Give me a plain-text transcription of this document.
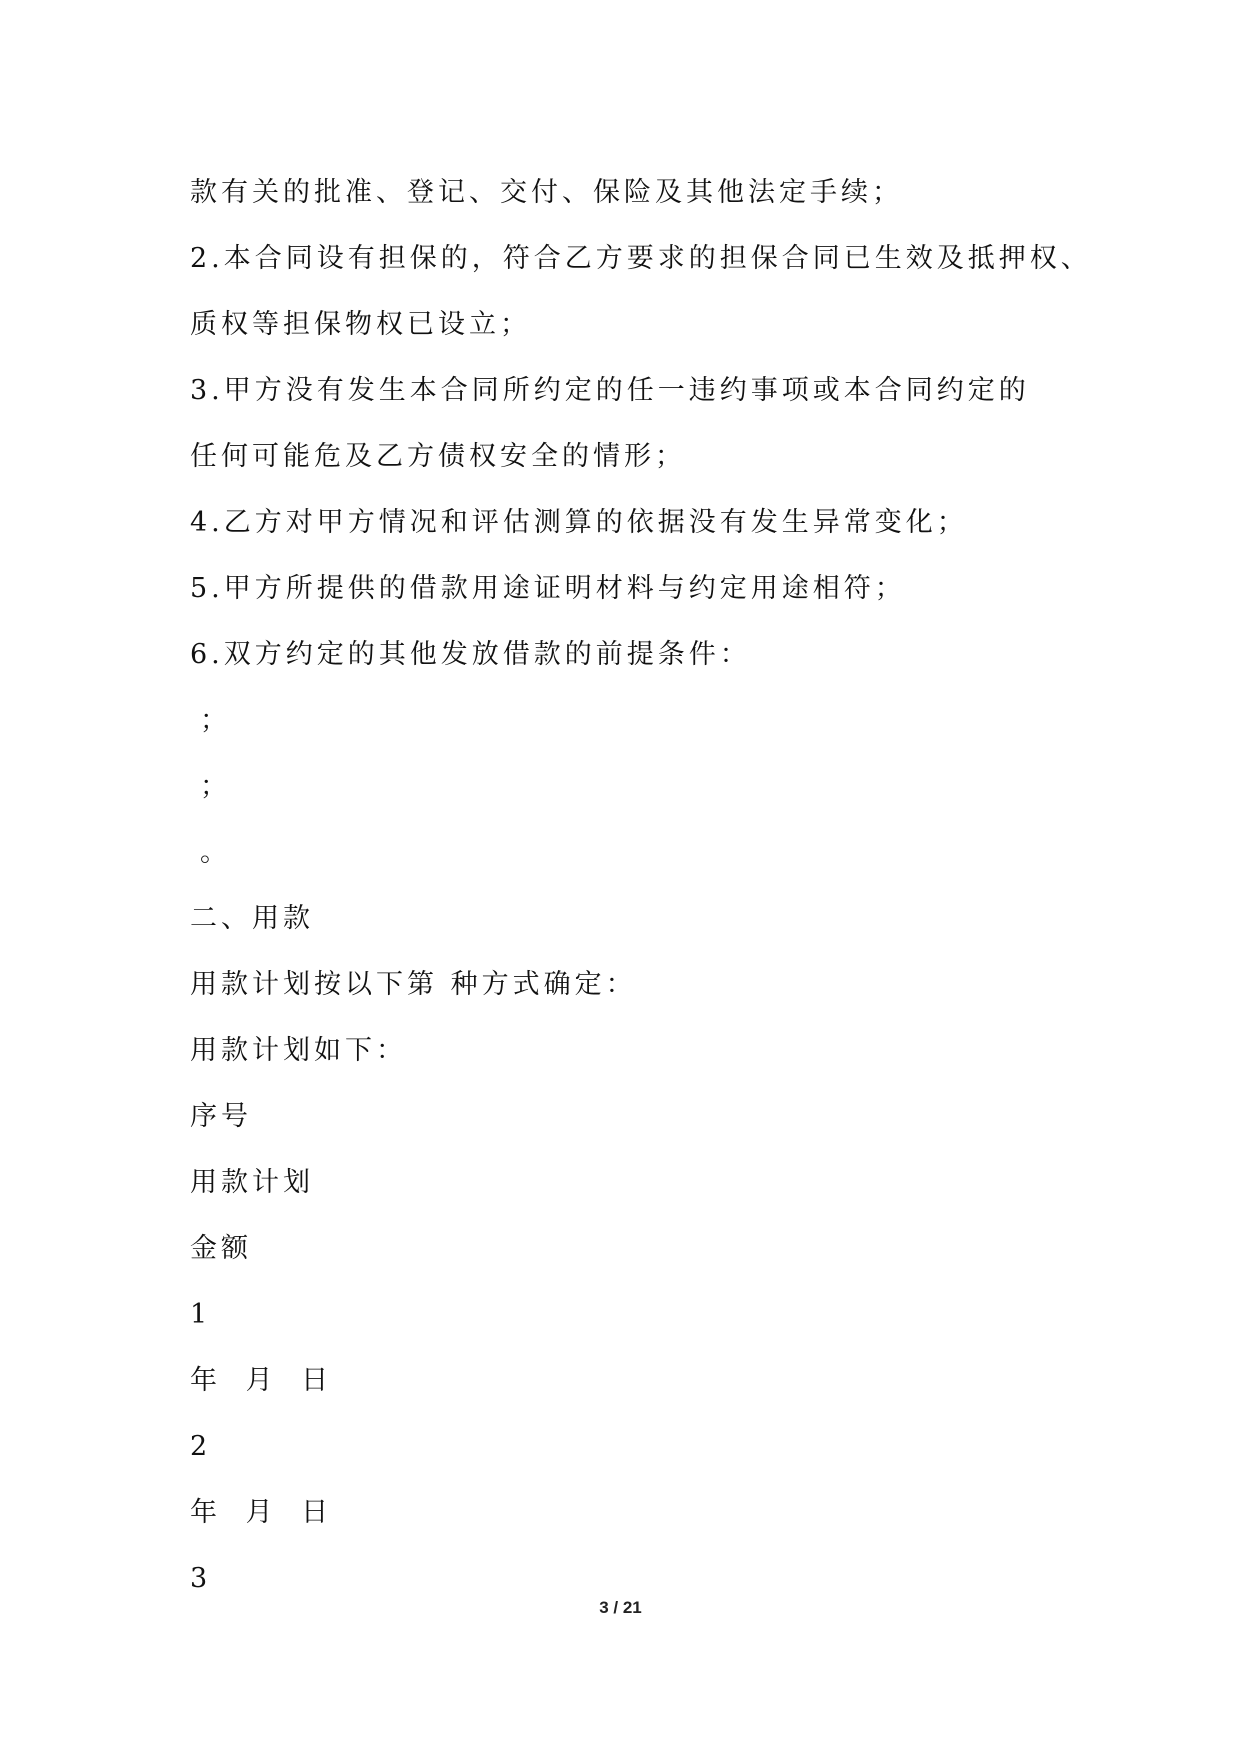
款有关的批准、登记、交付、保险及其他法定手续；
2.本合同设有担保的，符合乙方要求的担保合同已生效及抵押权、
质权等担保物权已设立；
3.甲方没有发生本合同所约定的任一违约事项或本合同约定的
任何可能危及乙方债权安全的情形；
4.乙方对甲方情况和评估测算的依据没有发生异常变化；
5.甲方所提供的借款用途证明材料与约定用途相符；
6.双方约定的其他发放借款的前提条件：
；
；
。
二、用款
用款计划按以下第 种方式确定：
用款计划如下：
序号
用款计划
金额
1
年 月 日
2
年 月 日
3
3 / 21
